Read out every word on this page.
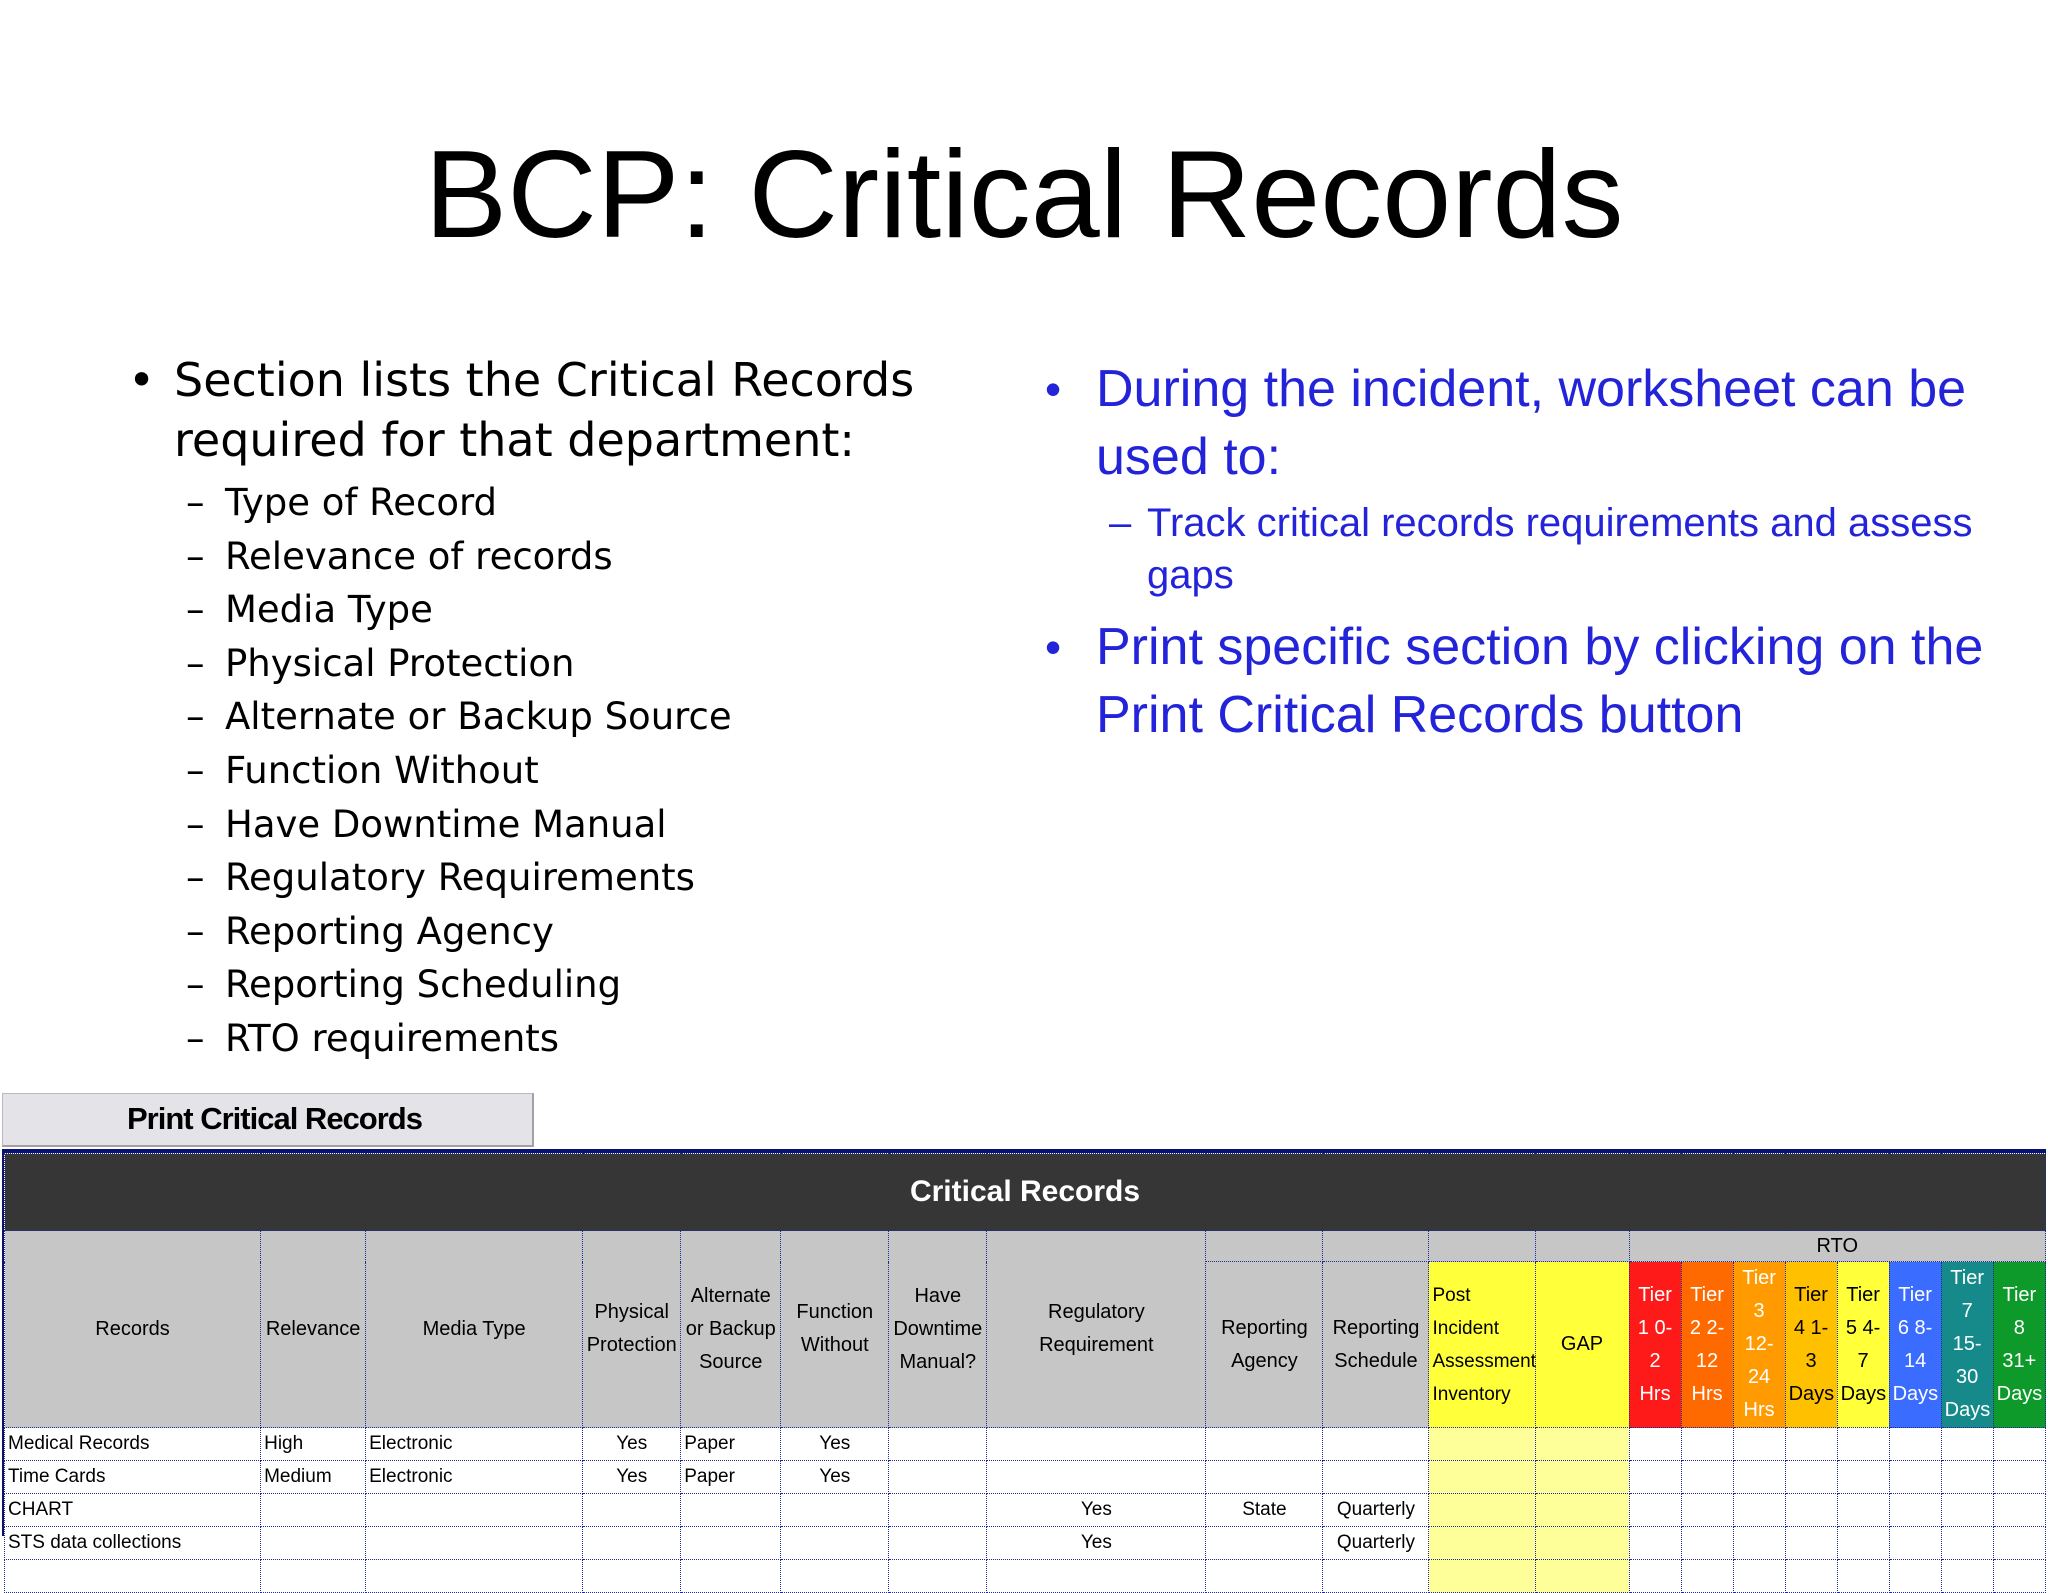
BCP: Critical Records
• Section lists the Critical Records required for that department:
– Type of Record
– Relevance of records
– Media Type
– Physical Protection
– Alternate or Backup Source
– Function Without
– Have Downtime Manual
– Regulatory Requirements
– Reporting Agency
– Reporting Scheduling
– RTO requirements
• During the incident, worksheet can be used to:
– Track critical records requirements and assess gaps
• Print specific section by clicking on the Print Critical Records button
Print Critical Records
Critical Records																			
Records	Relevance	Media Type	Physical Protection	Alternate or Backup Source	Function Without	Have Downtime Manual?	Regulatory Requirement					RTO							
								Reporting Agency	Reporting Schedule	Post Incident Assessment Inventory	GAP	Tier 1 0-2 Hrs	Tier 2 2-12 Hrs	Tier 3 12-24 Hrs	Tier 4 1-3 Days	Tier 5 4-7 Days	Tier 6 8-14 Days	Tier 7 15-30 Days	Tier 8 31+ Days
Medical Records	High	Electronic	Yes	Paper	Yes														
Time Cards	Medium	Electronic	Yes	Paper	Yes														
CHART							Yes	State	Quarterly										
STS data collections							Yes		Quarterly										
